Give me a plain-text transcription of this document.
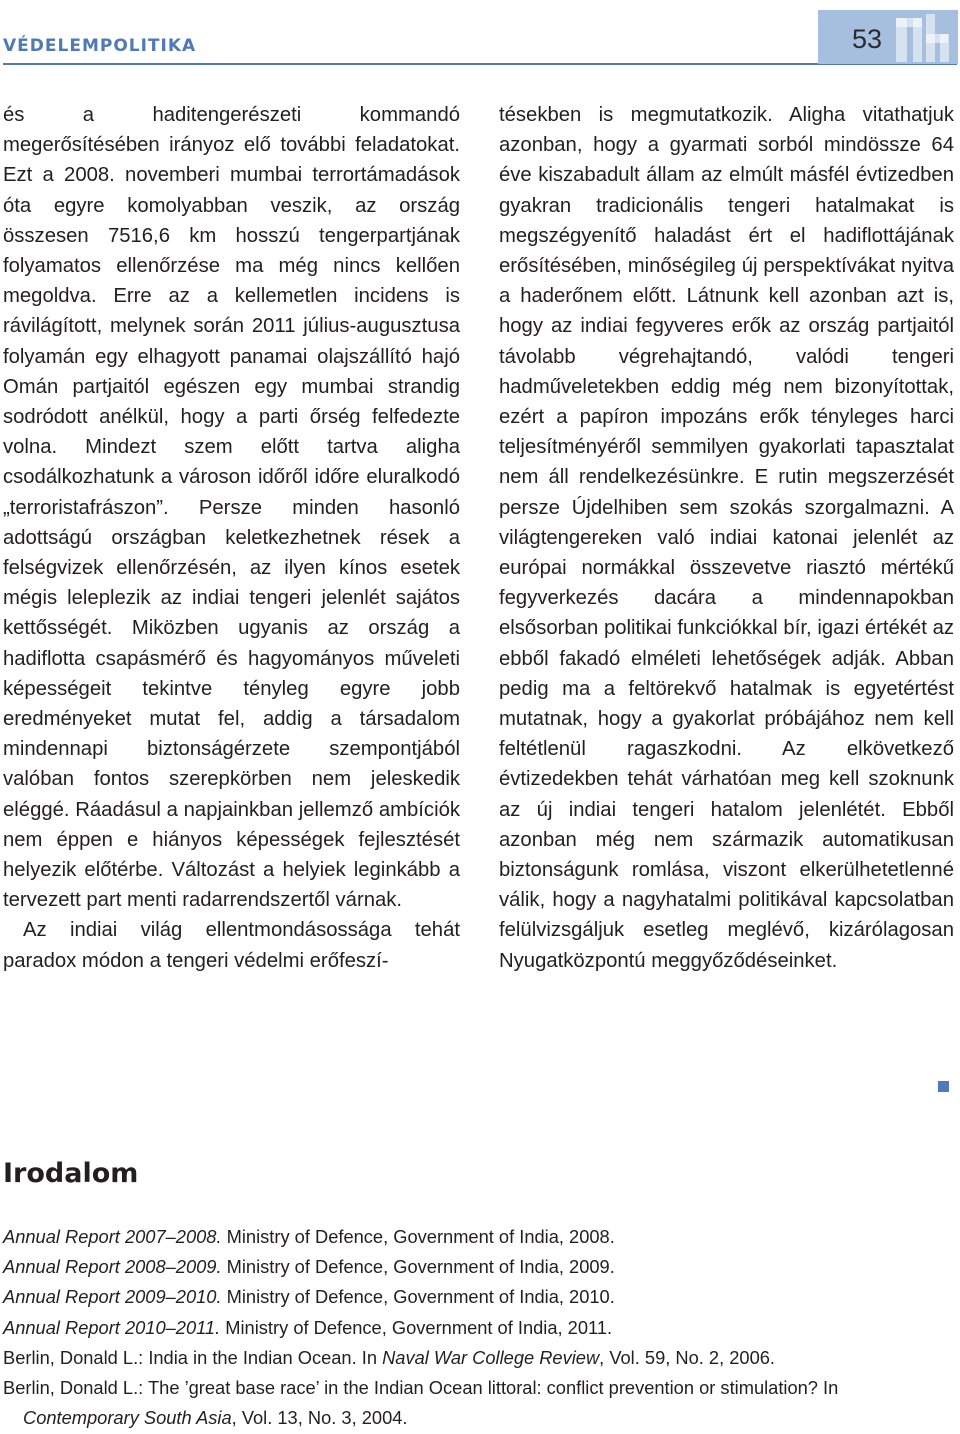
VÉDELEMPOLITIKA	53

és a haditengerészeti kommandó megerősítésében irányoz elő további feladatokat. Ezt a 2008. novemberi mumbai terrortámadások óta egyre komolyabban veszik, az ország összesen 7516,6 km hosszú tengerpartjának folyamatos ellenőrzése ma még nincs kellően megoldva. Erre az a kellemetlen incidens is rávilágított, melynek során 2011 július-augusztusa folyamán egy elhagyott panamai olajszállító hajó Omán partjaitól egészen egy mumbai strandig sodródott anélkül, hogy a parti őrség felfedezte volna. Mindezt szem előtt tartva aligha csodálkozhatunk a városon időről időre eluralkodó „terroristafrászon”. Persze minden hasonló adottságú országban keletkezhetnek rések a felségvizek ellenőrzésén, az ilyen kínos esetek mégis leleplezik az indiai tengeri jelenlét sajátos kettősségét. Miközben ugyanis az ország a hadiflotta csapásmérő és hagyományos műveleti képességeit tekintve tényleg egyre jobb eredményeket mutat fel, addig a társadalom mindennapi biztonságérzete szempontjából valóban fontos szerepkörben nem jeleskedik eléggé. Ráadásul a napjainkban jellemző ambíciók nem éppen e hiányos képességek fejlesztését helyezik előtérbe. Változást a helyiek leginkább a tervezett part menti radarrendszertől várnak.

Az indiai világ ellentmondásossága tehát paradox módon a tengeri védelmi erőfeszí-

tésekben is megmutatkozik. Aligha vitathatjuk azonban, hogy a gyarmati sorból mindössze 64 éve kiszabadult állam az elmúlt másfél évtizedben gyakran tradicionális tengeri hatalmakat is megszégyenítő haladást ért el hadiflottájának erősítésében, minőségileg új perspektívákat nyitva a haderőnem előtt. Látnunk kell azonban azt is, hogy az indiai fegyveres erők az ország partjaitól távolabb végrehajtandó, valódi tengeri hadműveletekben eddig még nem bizonyítottak, ezért a papíron impozáns erők tényleges harci teljesítményéről semmilyen gyakorlati tapasztalat nem áll rendelkezésünkre. E rutin megszerzését persze Újdelhiben sem szokás szorgalmazni. A világtengereken való indiai katonai jelenlét az európai normákkal összevetve riasztó mértékű fegyverkezés dacára a mindennapokban elsősorban politikai funkciókkal bír, igazi értékét az ebből fakadó elméleti lehetőségek adják. Abban pedig ma a feltörekvő hatalmak is egyetértést mutatnak, hogy a gyakorlat próbájához nem kell feltétlenül ragaszkodni. Az elkövetkező évtizedekben tehát várhatóan meg kell szoknunk az új indiai tengeri hatalom jelenlétét. Ebből azonban még nem származik automatikusan biztonságunk romlása, viszont elkerülhetetlenné válik, hogy a nagyhatalmi politikával kapcsolatban felülvizsgáljuk esetleg meglévő, kizárólagosan Nyugatközpontú meggyőződéseinket.

Irodalom

Annual Report 2007–2008. Ministry of Defence, Government of India, 2008.

Annual Report 2008–2009. Ministry of Defence, Government of India, 2009.

Annual Report 2009–2010. Ministry of Defence, Government of India, 2010.

Annual Report 2010–2011. Ministry of Defence, Government of India, 2011.

Berlin, Donald L.: India in the Indian Ocean. In Naval War College Review, Vol. 59, No. 2, 2006.

Berlin, Donald L.: The ’great base race’ in the Indian Ocean littoral: conflict prevention or stimulation? In Contemporary South Asia, Vol. 13, No. 3, 2004.
